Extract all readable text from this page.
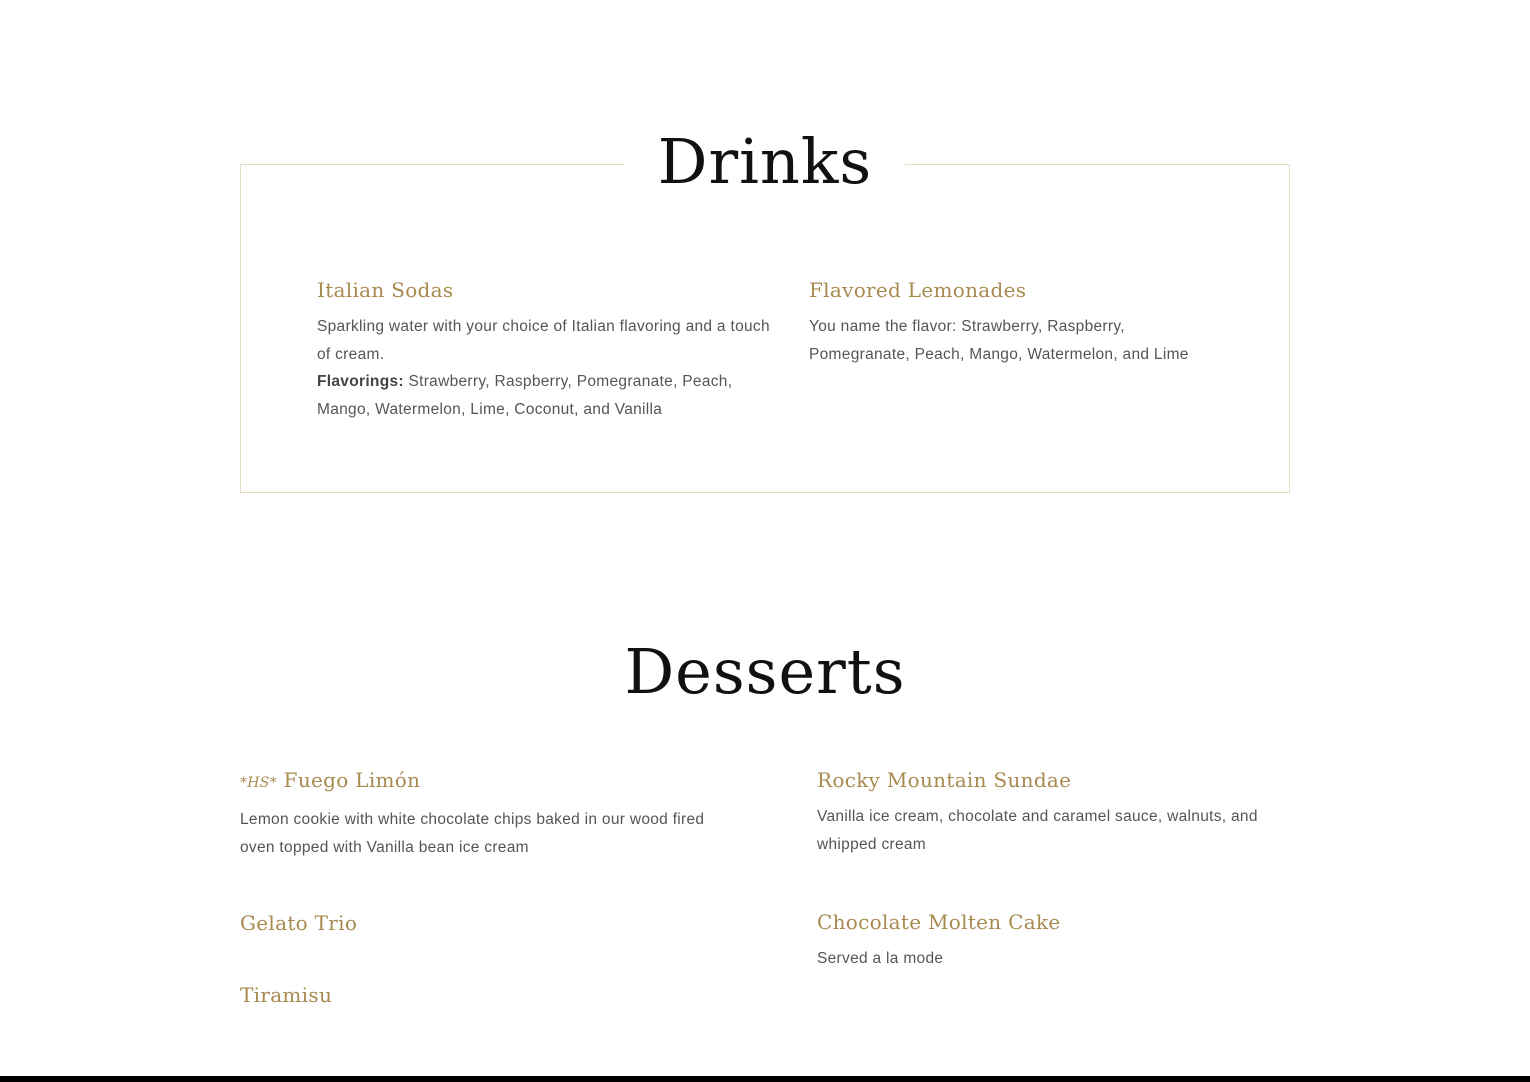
Drinks
Italian Sodas

Sparkling water with your choice of Italian flavoring and a touch of cream.
Flavorings: Strawberry, Raspberry, Pomegranate, Peach, Mango, Watermelon, Lime, Coconut, and Vanilla

Flavored Lemonades

You name the flavor: Strawberry, Raspberry, Pomegranate, Peach, Mango, Watermelon, and Lime

Desserts
*HS* Fuego Limón

Lemon cookie with white chocolate chips baked in our wood fired oven topped with Vanilla bean ice cream

Rocky Mountain Sundae

Vanilla ice cream, chocolate and caramel sauce, walnuts, and whipped cream

Gelato Trio	Chocolate Molten Cake

Served a la mode

Tiramisu
